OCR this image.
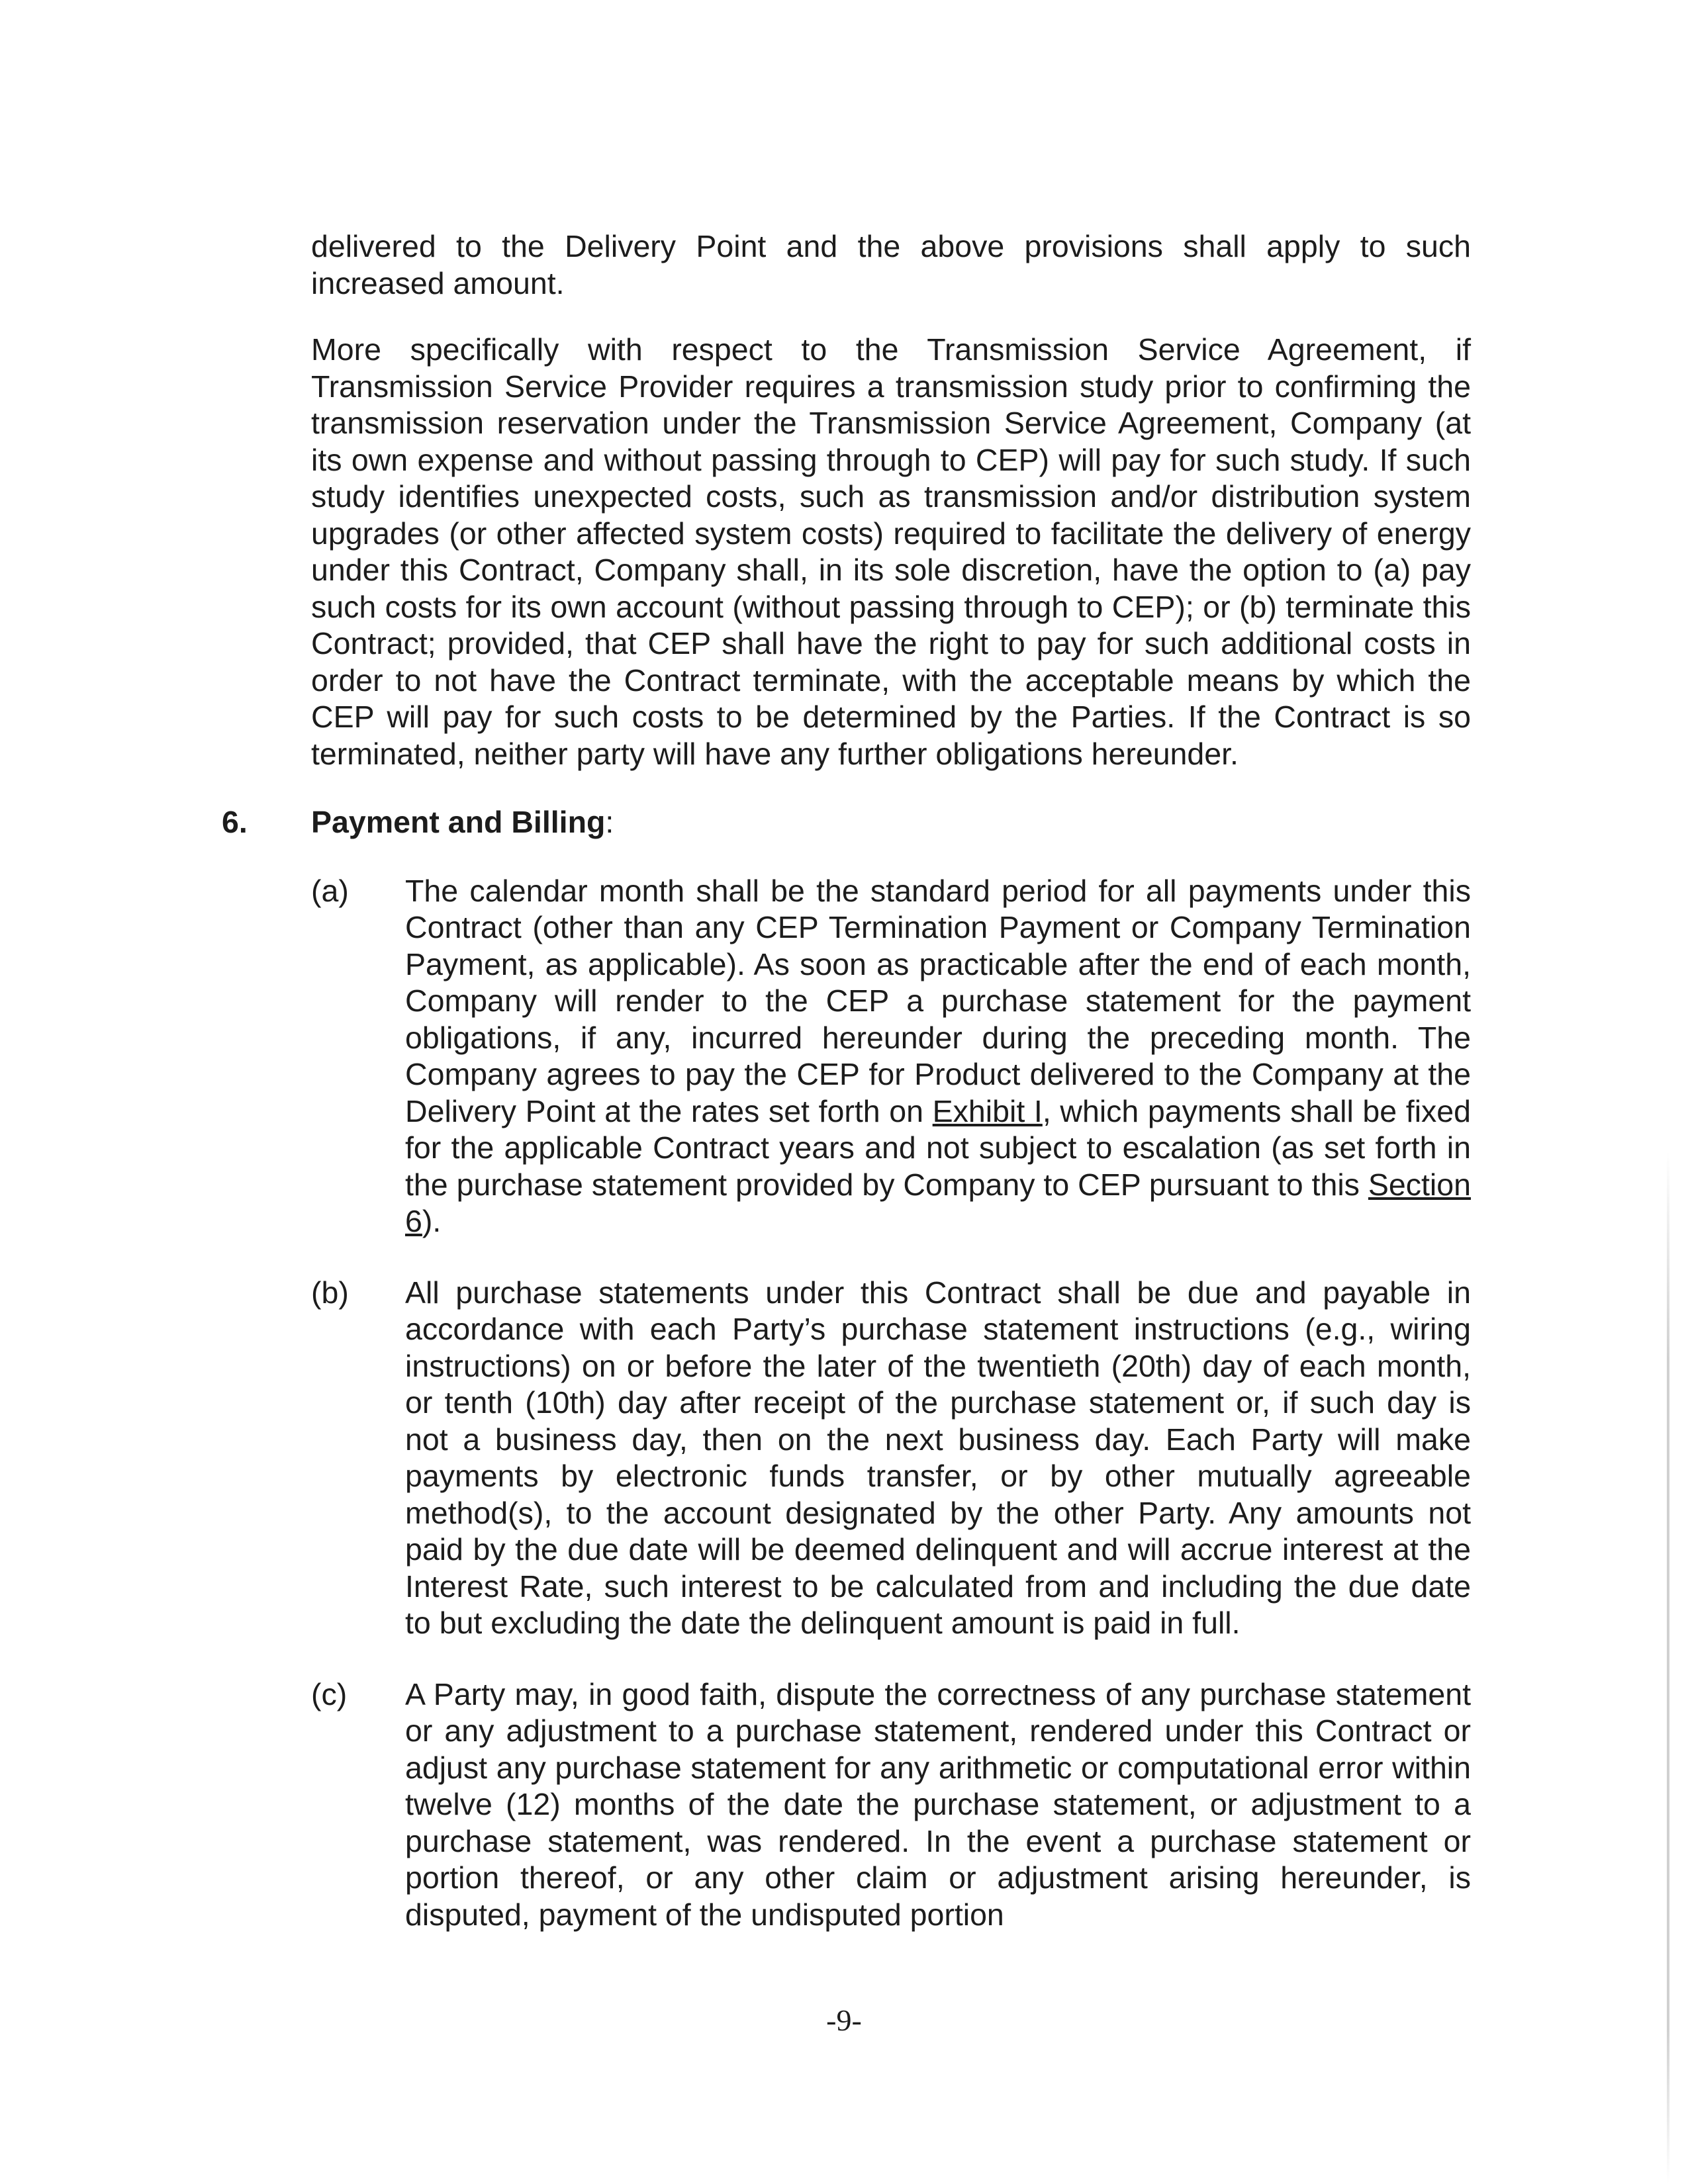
delivered to the Delivery Point and the above provisions shall apply to such increased amount.

More specifically with respect to the Transmission Service Agreement, if Transmission Service Provider requires a transmission study prior to confirming the transmission reservation under the Transmission Service Agreement, Company (at its own expense and without passing through to CEP) will pay for such study. If such study identifies unexpected costs, such as transmission and/or distribution system upgrades (or other affected system costs) required to facilitate the delivery of energy under this Contract, Company shall, in its sole discretion, have the option to (a) pay such costs for its own account (without passing through to CEP); or (b) terminate this Contract; provided, that CEP shall have the right to pay for such additional costs in order to not have the Contract terminate, with the acceptable means by which the CEP will pay for such costs to be determined by the Parties. If the Contract is so terminated, neither party will have any further obligations hereunder.

6. Payment and Billing:
(a) The calendar month shall be the standard period for all payments under this Contract (other than any CEP Termination Payment or Company Termination Payment, as applicable). As soon as practicable after the end of each month, Company will render to the CEP a purchase statement for the payment obligations, if any, incurred hereunder during the preceding month. The Company agrees to pay the CEP for Product delivered to the Company at the Delivery Point at the rates set forth on Exhibit I, which payments shall be fixed for the applicable Contract years and not subject to escalation (as set forth in the purchase statement provided by Company to CEP pursuant to this Section 6).

(b) All purchase statements under this Contract shall be due and payable in accordance with each Party’s purchase statement instructions (e.g., wiring instructions) on or before the later of the twentieth (20th) day of each month, or tenth (10th) day after receipt of the purchase statement or, if such day is not a business day, then on the next business day. Each Party will make payments by electronic funds transfer, or by other mutually agreeable method(s), to the account designated by the other Party. Any amounts not paid by the due date will be deemed delinquent and will accrue interest at the Interest Rate, such interest to be calculated from and including the due date to but excluding the date the delinquent amount is paid in full.

(c) A Party may, in good faith, dispute the correctness of any purchase statement or any adjustment to a purchase statement, rendered under this Contract or adjust any purchase statement for any arithmetic or computational error within twelve (12) months of the date the purchase statement, or adjustment to a purchase statement, was rendered. In the event a purchase statement or portion thereof, or any other claim or adjustment arising hereunder, is disputed, payment of the undisputed portion

-9-
